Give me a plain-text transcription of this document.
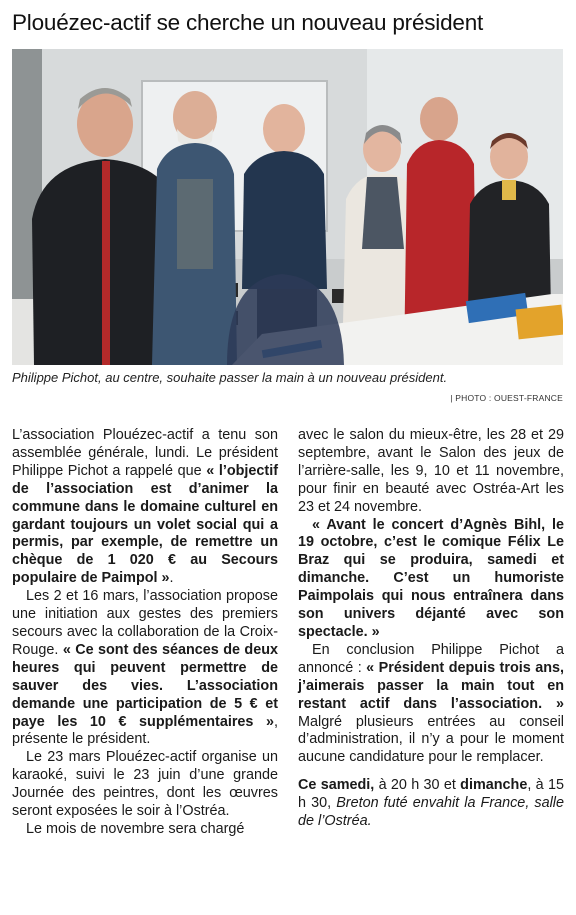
Plouézec-actif se cherche un nouveau président
Philippe Pichot, au centre, souhaite passer la main à un nouveau président.
| PHOTO : OUEST-FRANCE

L’association Plouézec-actif a tenu son assemblée générale, lundi. Le président Philippe Pichot a rappelé que « l’objectif de l’association est d’animer la commune dans le domaine culturel en gardant toujours un volet social qui a permis, par exemple, de remettre un chèque de 1 020 € au Secours populaire de Paimpol ».

Les 2 et 16 mars, l’association propose une initiation aux gestes des premiers secours avec la collaboration de la Croix-Rouge. « Ce sont des séances de deux heures qui peuvent permettre de sauver des vies. L’association demande une participation de 5 € et paye les 10 € supplémentaires », présente le président.

Le 23 mars Plouézec-actif organise un karaoké, suivi le 23 juin d’une grande Journée des peintres, dont les œuvres seront exposées le soir à l’Ostréa.

Le mois de novembre sera chargé

avec le salon du mieux-être, les 28 et 29 septembre, avant le Salon des jeux de l’arrière-salle, les 9, 10 et 11 novembre, pour finir en beauté avec Ostréa-Art les 23 et 24 novembre.

« Avant le concert d’Agnès Bihl, le 19 octobre, c’est le comique Félix Le Braz qui se produira, samedi et dimanche. C’est un humoriste Paimpolais qui nous entraînera dans son univers déjanté avec son spectacle. »

En conclusion Philippe Pichot a annoncé : « Président depuis trois ans, j’aimerais passer la main tout en restant actif dans l’association. » Malgré plusieurs entrées au conseil d’administration, il n’y a pour le moment aucune candidature pour le remplacer.

Ce samedi, à 20 h 30 et dimanche, à 15 h 30, Breton futé envahit la France, salle de l’Ostréa.
